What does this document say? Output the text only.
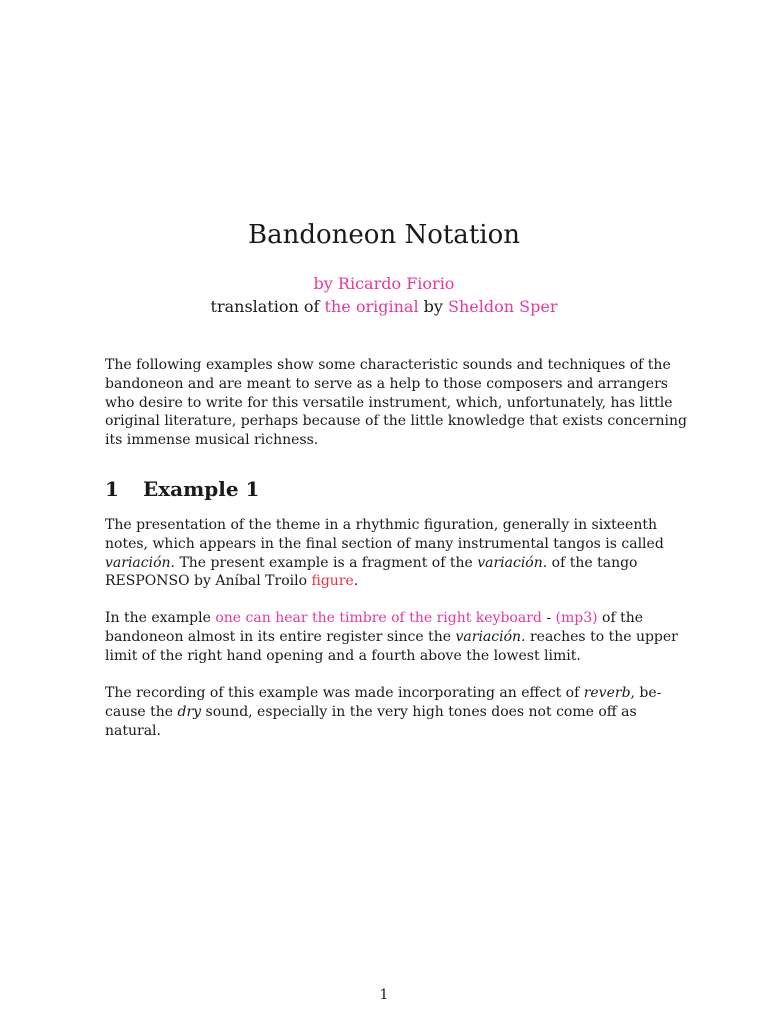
Bandoneon Notation
by Ricardo Fiorio
translation of the original by Sheldon Sper
The following examples show some characteristic sounds and techniques of the
bandoneon and are meant to serve as a help to those composers and arrangers
who desire to write for this versatile instrument, which, unfortunately, has little
original literature, perhaps because of the little knowledge that exists concerning
its immense musical richness.
1 Example 1
The presentation of the theme in a rhythmic figuration, generally in sixteenth
notes, which appears in the final section of many instrumental tangos is called
variación. The present example is a fragment of the variación. of the tango
RESPONSO by Aníbal Troilo figure.
In the example one can hear the timbre of the right keyboard - (mp3) of the
bandoneon almost in its entire register since the variación. reaches to the upper
limit of the right hand opening and a fourth above the lowest limit.
The recording of this example was made incorporating an effect of reverb, be-
cause the dry sound, especially in the very high tones does not come off as
natural.
1
